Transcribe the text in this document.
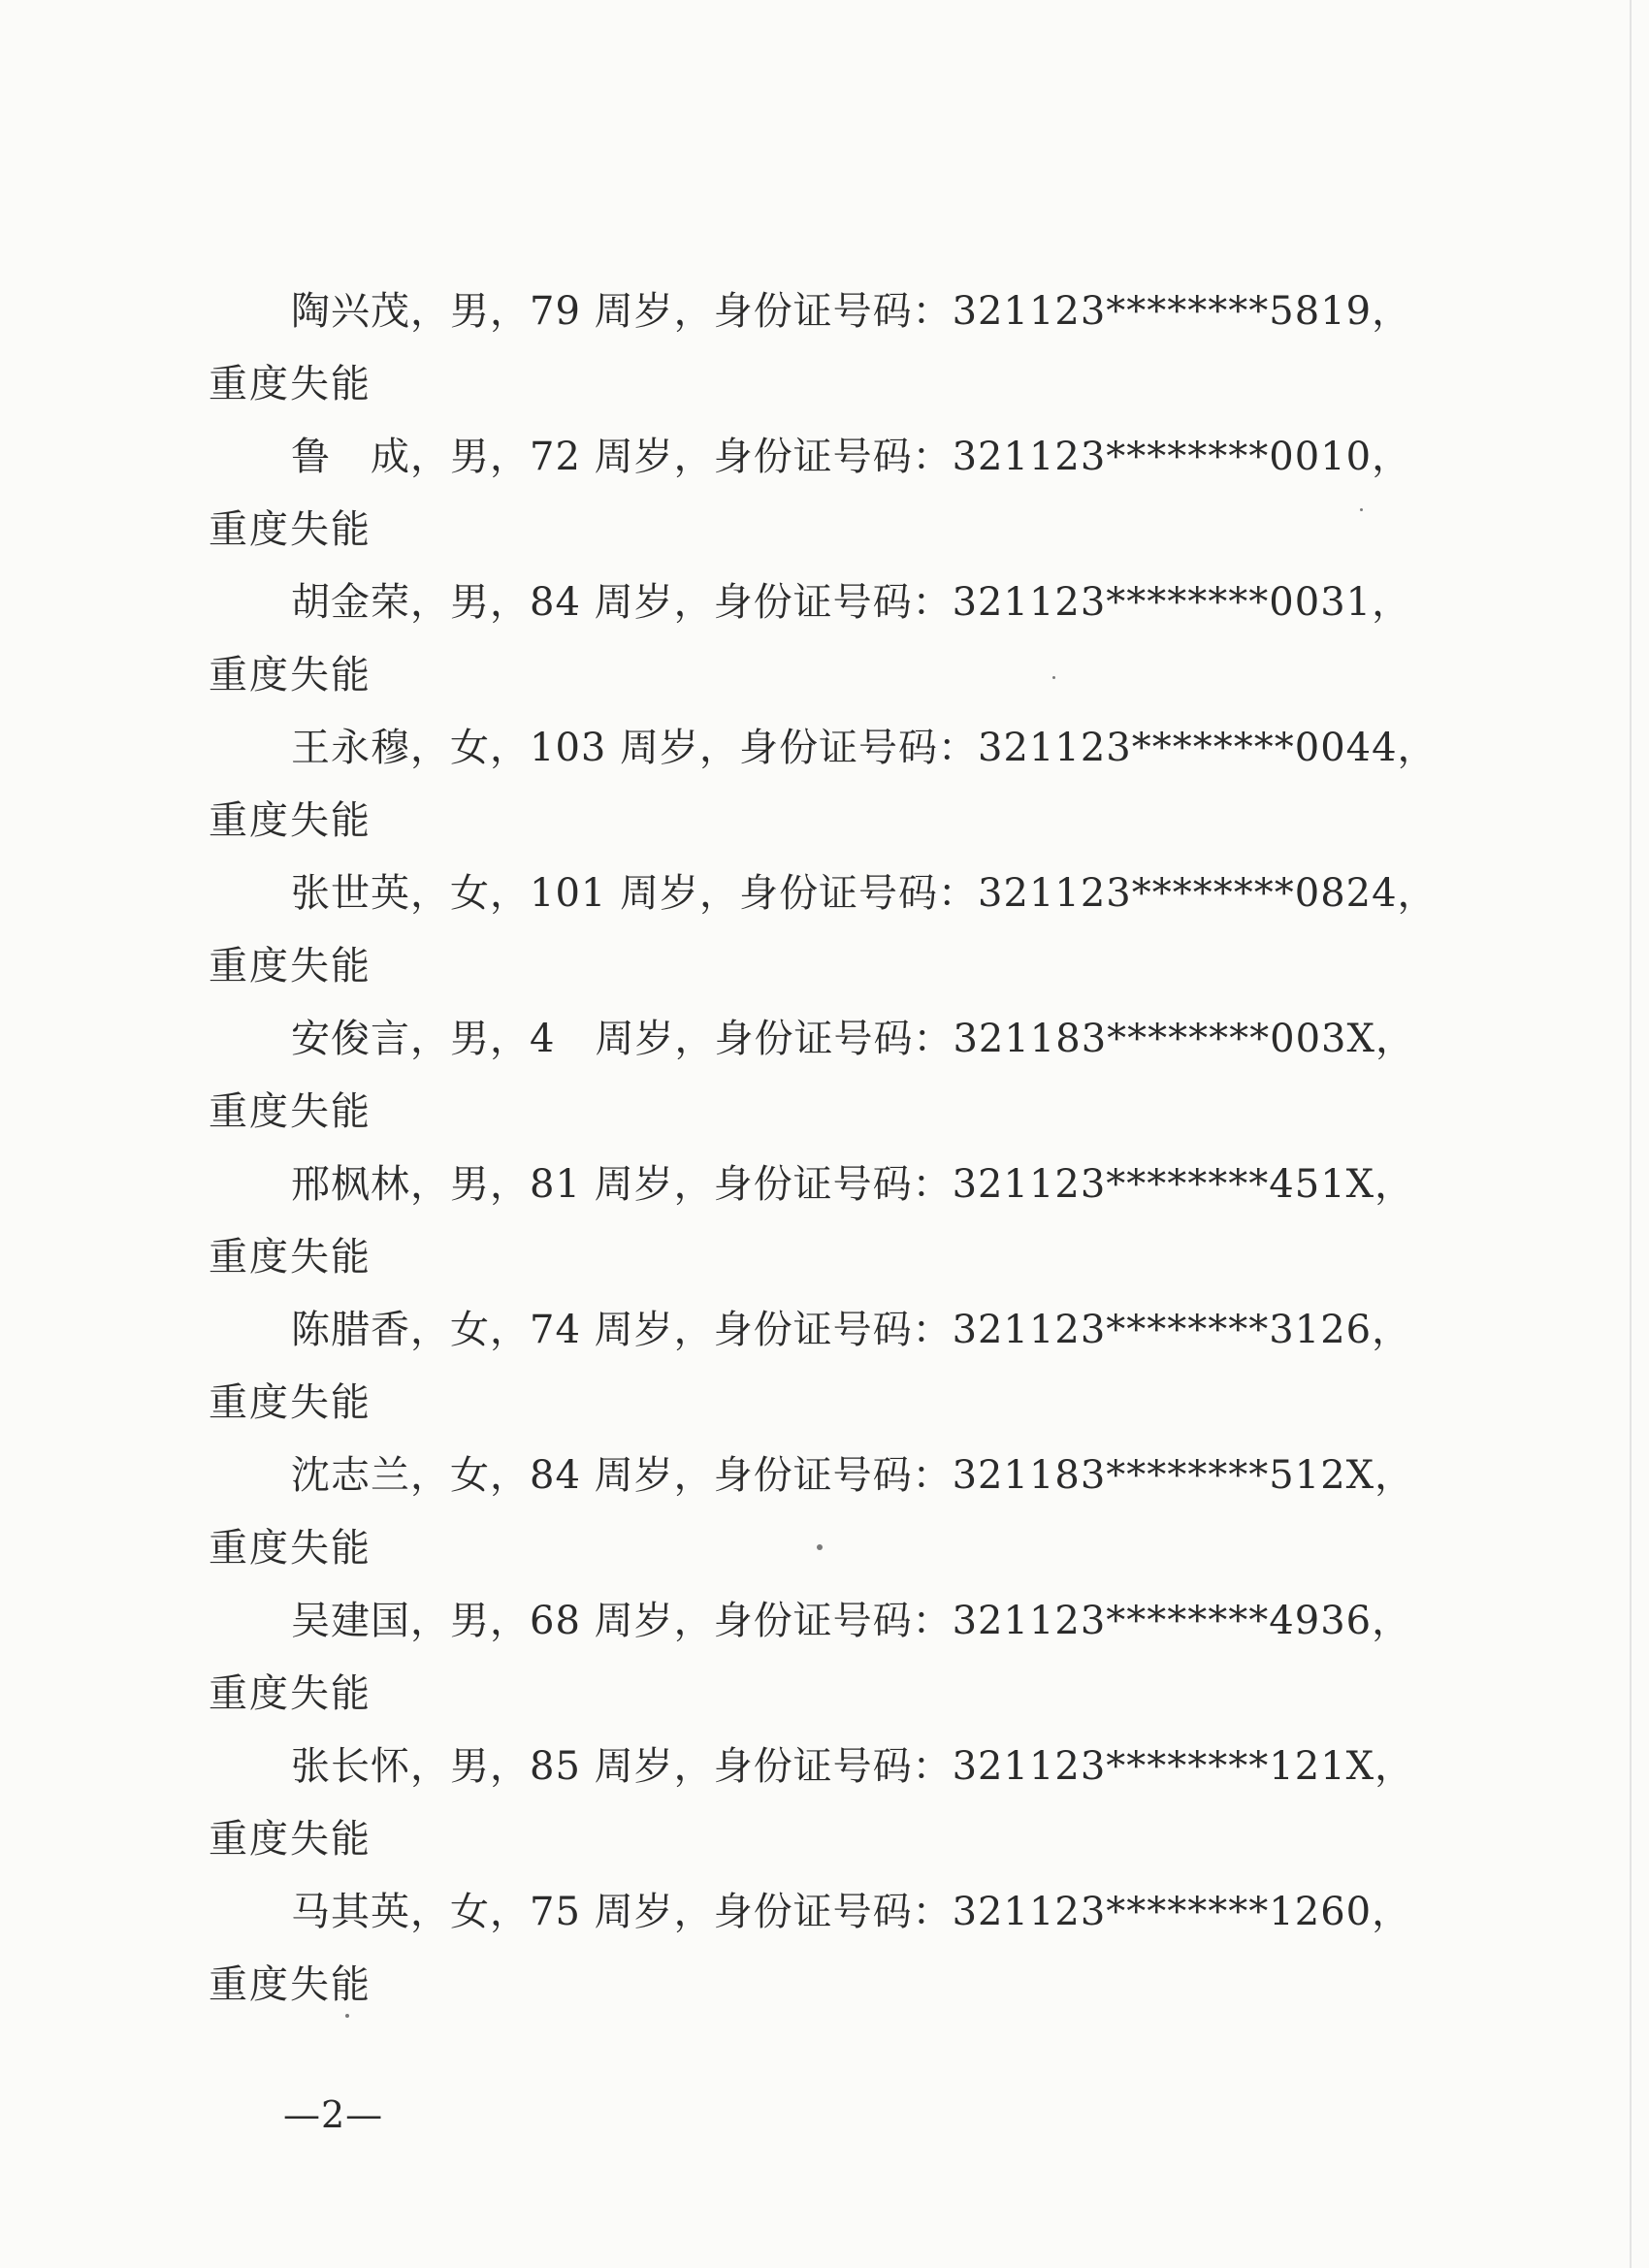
陶兴茂，男，79 周岁，身份证号码：321123********5819，
重度失能
鲁　成，男，72 周岁，身份证号码：321123********0010，
重度失能
胡金荣，男，84 周岁，身份证号码：321123********0031，
重度失能
王永穆，女，103 周岁，身份证号码：321123********0044，
重度失能
张世英，女，101 周岁，身份证号码：321123********0824，
重度失能
安俊言，男，4　周岁，身份证号码：321183********003X，
重度失能
邢枫林，男，81 周岁，身份证号码：321123********451X，
重度失能
陈腊香，女，74 周岁，身份证号码：321123********3126，
重度失能
沈志兰，女，84 周岁，身份证号码：321183********512X，
重度失能
吴建国，男，68 周岁，身份证号码：321123********4936，
重度失能
张长怀，男，85 周岁，身份证号码：321123********121X，
重度失能
马其英，女，75 周岁，身份证号码：321123********1260，
重度失能
—2—
